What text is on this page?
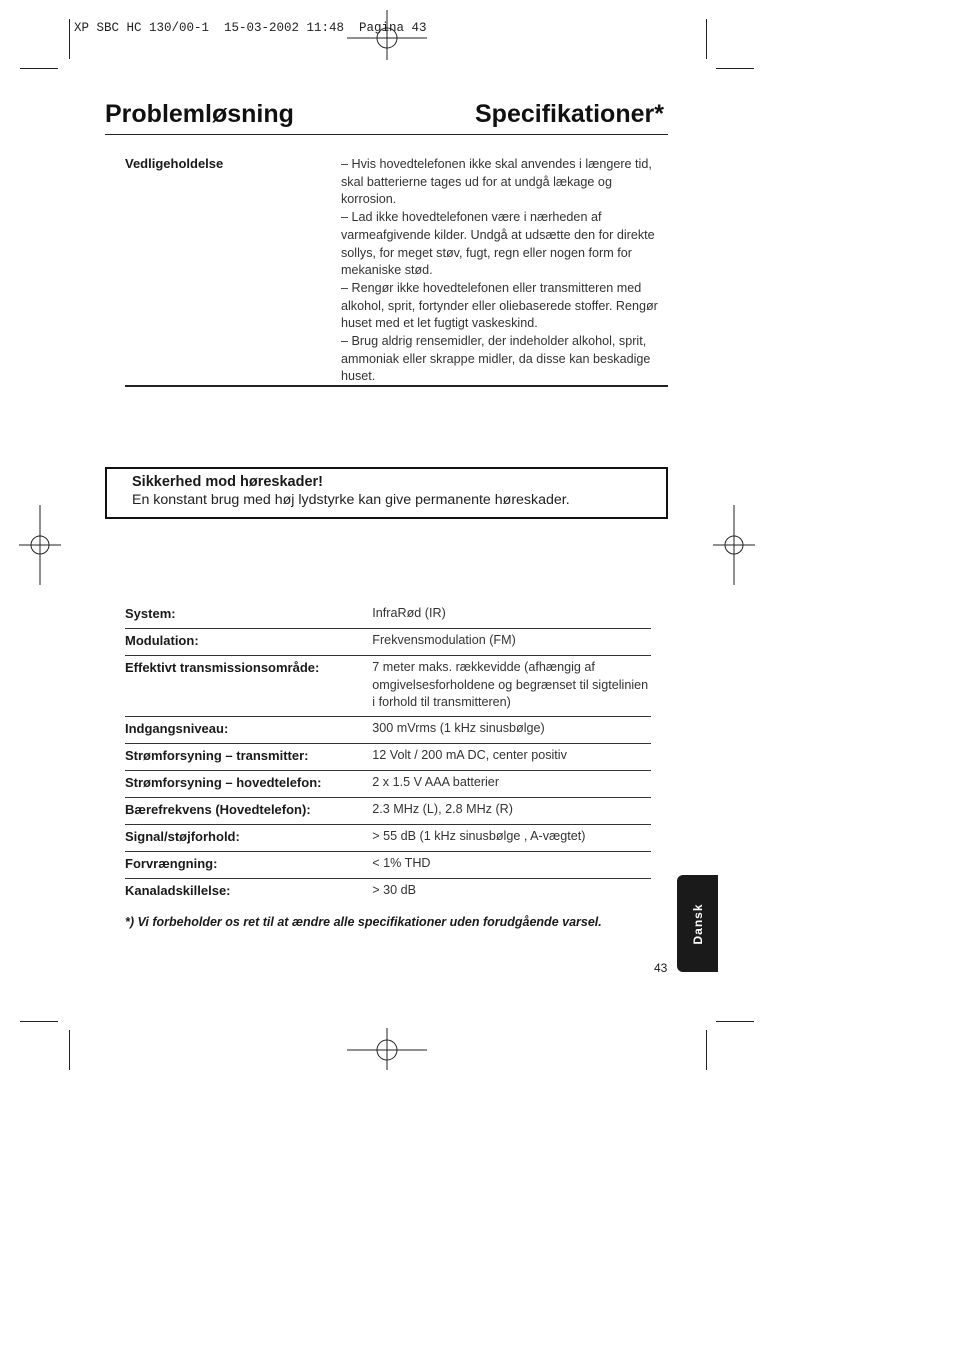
XP SBC HC 130/00-1  15-03-2002 11:48  Pagina 43
Problemløsning	Specifikationer*
Vedligeholdelse	– Hvis hovedtelefonen ikke skal anvendes i længere tid, skal batterierne tages ud for at undgå lækage og korrosion.

– Lad ikke hovedtelefonen være i nærheden af varmeafgivende kilder. Undgå at udsætte den for direkte sollys, for meget støv, fugt, regn eller nogen form for mekaniske stød.

– Rengør ikke hovedtelefonen eller transmitteren med alkohol, sprit, fortynder eller oliebaserede stoffer. Rengør huset med et let fugtigt vaskeskind.

– Brug aldrig rensemidler, der indeholder alkohol, sprit, ammoniak eller skrappe midler, da disse kan beskadige huset.

Sikkerhed mod høreskader!
En konstant brug med høj lydstyrke kan give permanente høreskader.
System:	InfraRød (IR)
Modulation:	Frekvensmodulation (FM)
Effektivt transmissionsområde:	7 meter maks. rækkevidde (afhængig af omgivelsesforholdene og begrænset til sigtelinien i forhold til transmitteren)
Indgangsniveau:	300 mVrms (1 kHz sinusbølge)
Strømforsyning – transmitter:	12 Volt / 200 mA DC, center positiv
Strømforsyning – hovedtelefon:	2 x 1.5 V AAA batterier
Bærefrekvens (Hovedtelefon):	2.3 MHz (L), 2.8 MHz (R)
Signal/støjforhold:	> 55 dB (1 kHz sinusbølge , A-vægtet)
Forvrængning:	< 1% THD
Kanaladskillelse:	> 30 dB
*) Vi forbeholder os ret til at ændre alle specifikationer uden forudgående varsel.	Dansk
43
